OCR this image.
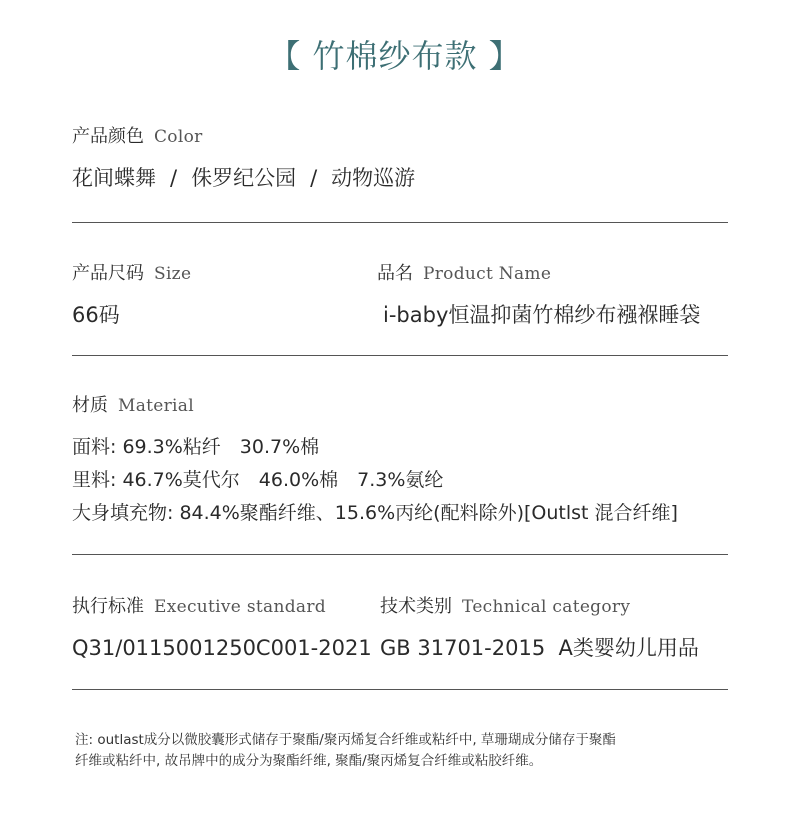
【 竹棉纱布款 】
产品颜色 Color
花间蝶舞 / 侏罗纪公园 / 动物巡游
产品尺码 Size
66码
品名 Product Name
i-baby恒温抑菌竹棉纱布襁褓睡袋
材质 Material
面料: 69.3%粘纤　30.7%棉
里料: 46.7%莫代尔　46.0%棉　7.3%氨纶
大身填充物: 84.4%聚酯纤维、15.6%丙纶(配料除外)[Outlst 混合纤维]
执行标准 Executive standard
Q31/0115001250C001-2021
技术类别 Technical category
GB 31701-2015  A类婴幼儿用品
注: outlast成分以微胶囊形式储存于聚酯/聚丙烯复合纤维或粘纤中, 草珊瑚成分储存于聚酯
纤维或粘纤中, 故吊牌中的成分为聚酯纤维, 聚酯/聚丙烯复合纤维或粘胶纤维。
